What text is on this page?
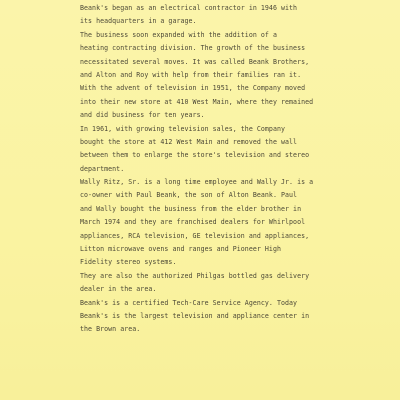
Beank's began as an electrical contractor in 1946 with
its headquarters in a garage.
The business soon expanded with the addition of a
heating contracting division. The growth of the business
necessitated several moves. It was called Beank Brothers,
and Alton and Roy with help from their families ran it.
With the advent of television in 1951, the Company moved
into their new store at 410 West Main, where they remained
and did business for ten years.
In 1961, with growing television sales, the Company
bought the store at 412 West Main and removed the wall
between them to enlarge the store's television and stereo
department.
Wally Ritz, Sr. is a long time employee and Wally Jr. is a
co-owner with Paul Beank, the son of Alton Beank. Paul
and Wally bought the business from the elder brother in
March 1974 and they are franchised dealers for Whirlpool
appliances, RCA television, GE television and appliances,
Litton microwave ovens and ranges and Pioneer High
Fidelity stereo systems.
They are also the authorized Philgas bottled gas delivery
dealer in the area.
Beank's is a certified Tech-Care Service Agency. Today
Beank's is the largest television and appliance center in
the Brown area.
